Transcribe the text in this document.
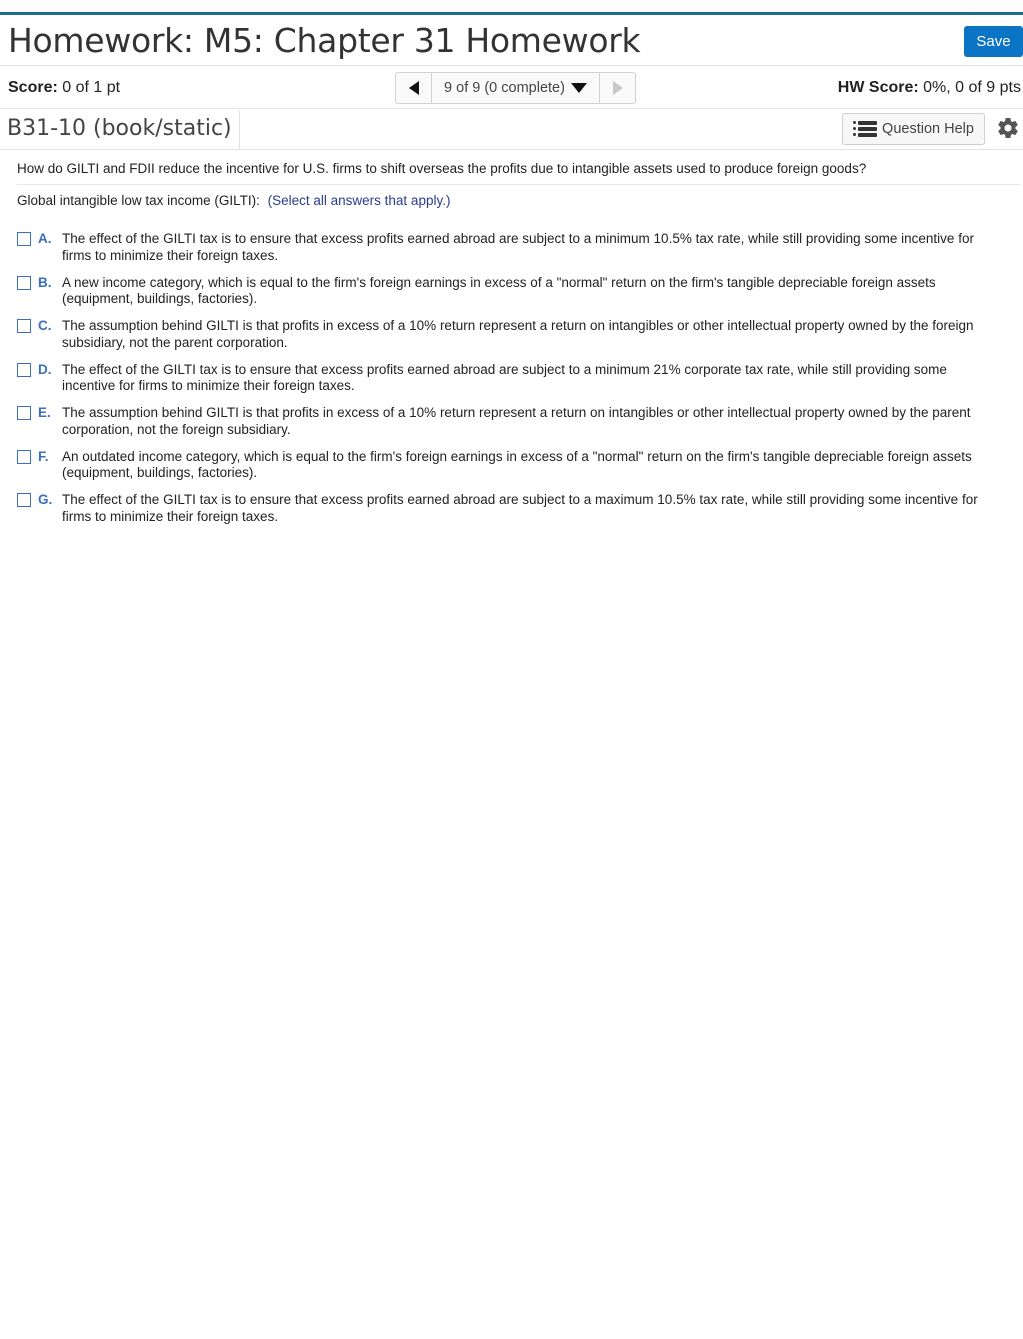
Homework: M5: Chapter 31 Homework	Save
Score: 0 of 1 pt	9 of 9 (0 complete)	HW Score: 0%, 0 of 9 pts
B31-10 (book/static)	Question Help
How do GILTI and FDII reduce the incentive for U.S. firms to shift overseas the profits due to intangible assets used to produce foreign goods?
Global intangible low tax income (GILTI): (Select all answers that apply.)
A. The effect of the GILTI tax is to ensure that excess profits earned abroad are subject to a minimum 10.5% tax rate, while still providing some incentive for firms to minimize their foreign taxes.
B. A new income category, which is equal to the firm's foreign earnings in excess of a "normal" return on the firm's tangible depreciable foreign assets (equipment, buildings, factories).
C. The assumption behind GILTI is that profits in excess of a 10% return represent a return on intangibles or other intellectual property owned by the foreign subsidiary, not the parent corporation.
D. The effect of the GILTI tax is to ensure that excess profits earned abroad are subject to a minimum 21% corporate tax rate, while still providing some incentive for firms to minimize their foreign taxes.
E. The assumption behind GILTI is that profits in excess of a 10% return represent a return on intangibles or other intellectual property owned by the parent corporation, not the foreign subsidiary.
F. An outdated income category, which is equal to the firm's foreign earnings in excess of a "normal" return on the firm's tangible depreciable foreign assets (equipment, buildings, factories).
G. The effect of the GILTI tax is to ensure that excess profits earned abroad are subject to a maximum 10.5% tax rate, while still providing some incentive for firms to minimize their foreign taxes.
